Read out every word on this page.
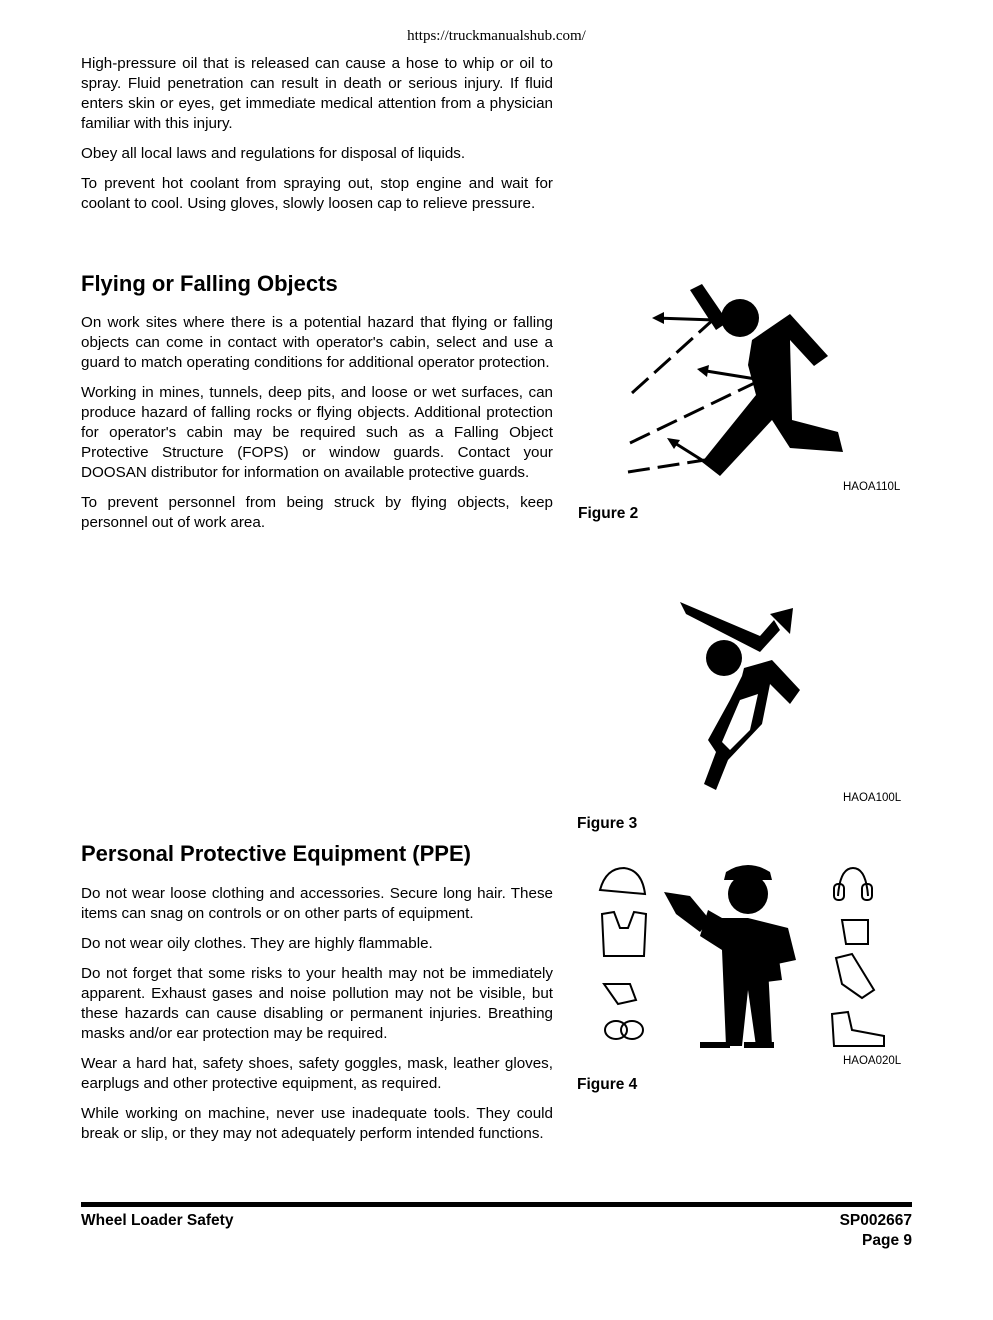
https://truckmanualshub.com/

High-pressure oil that is released can cause a hose to whip or oil to spray. Fluid penetration can result in death or serious injury. If fluid enters skin or eyes, get immediate medical attention from a physician familiar with this injury.

Obey all local laws and regulations for disposal of liquids.

To prevent hot coolant from spraying out, stop engine and wait for coolant to cool. Using gloves, slowly loosen cap to relieve pressure.

Flying or Falling Objects

On work sites where there is a potential hazard that flying or falling objects can come in contact with operator's cabin, select and use a guard to match operating conditions for additional operator protection.

Working in mines, tunnels, deep pits, and loose or wet surfaces, can produce hazard of falling rocks or flying objects. Additional protection for operator's cabin may be required such as a Falling Object Protective Structure (FOPS) or window guards. Contact your DOOSAN distributor for information on available protective guards.

To prevent personnel from being struck by flying objects, keep personnel out of work area.

Personal Protective Equipment (PPE)

Do not wear loose clothing and accessories. Secure long hair. These items can snag on controls or on other parts of equipment.

Do not wear oily clothes. They are highly flammable.

Do not forget that some risks to your health may not be immediately apparent. Exhaust gases and noise pollution may not be visible, but these hazards can cause disabling or permanent injuries. Breathing masks and/or ear protection may be required.

Wear a hard hat, safety shoes, safety goggles, mask, leather gloves, earplugs and other protective equipment, as required.

While working on machine, never use inadequate tools. They could break or slip, or they may not adequately perform intended functions.

HAOA110L
Figure 2
HAOA100L
Figure 3
HAOA020L
Figure 4
Wheel Loader Safety	SP002667
Page 9
